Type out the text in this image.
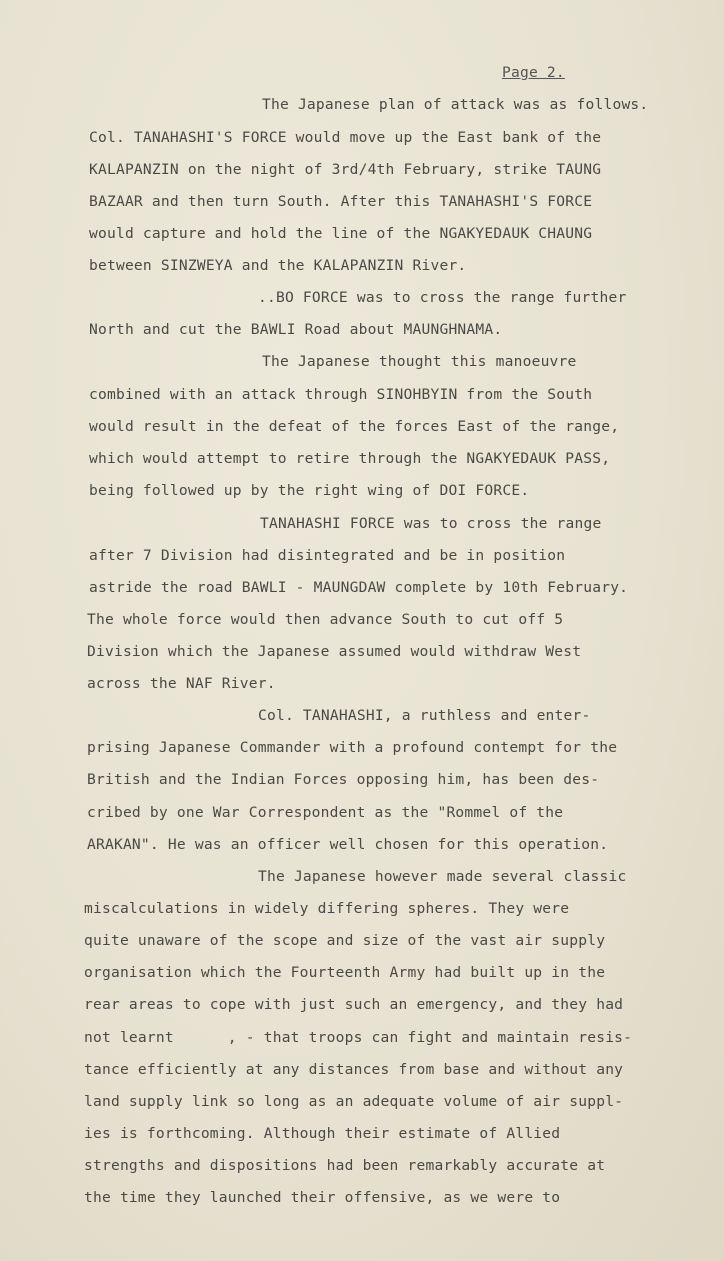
Page 2.
The Japanese plan of attack was as follows.
Col. TANAHASHI'S FORCE would move up the East bank of the
KALAPANZIN on the night of 3rd/4th February, strike TAUNG
BAZAAR and then turn South. After this TANAHASHI'S FORCE
would capture and hold the line of the NGAKYEDAUK CHAUNG
between SINZWEYA and the KALAPANZIN River.
..BO FORCE was to cross the range further
North and cut the BAWLI Road about MAUNGHNAMA.
The Japanese thought this manoeuvre
combined with an attack through SINOHBYIN from the South
would result in the defeat of the forces East of the range,
which would attempt to retire through the NGAKYEDAUK PASS,
being followed up by the right wing of DOI FORCE.
TANAHASHI FORCE was to cross the range
after 7 Division had disintegrated and be in position
astride the road BAWLI - MAUNGDAW complete by 10th February.
The whole force would then advance South to cut off 5
Division which the Japanese assumed would withdraw West
across the NAF River.
Col. TANAHASHI, a ruthless and enter-
prising Japanese Commander with a profound contempt for the
British and the Indian Forces opposing him, has been des-
cribed by one War Correspondent as the "Rommel of the
ARAKAN". He was an officer well chosen for this operation.
The Japanese however made several classic
miscalculations in widely differing spheres. They were
quite unaware of the scope and size of the vast air supply
organisation which the Fourteenth Army had built up in the
rear areas to cope with just such an emergency, and they had
not learnt      , - that troops can fight and maintain resis-
tance efficiently at any distances from base and without any
land supply link so long as an adequate volume of air suppl-
ies is forthcoming. Although their estimate of Allied
strengths and dispositions had been remarkably accurate at
the time they launched their offensive, as we were to
